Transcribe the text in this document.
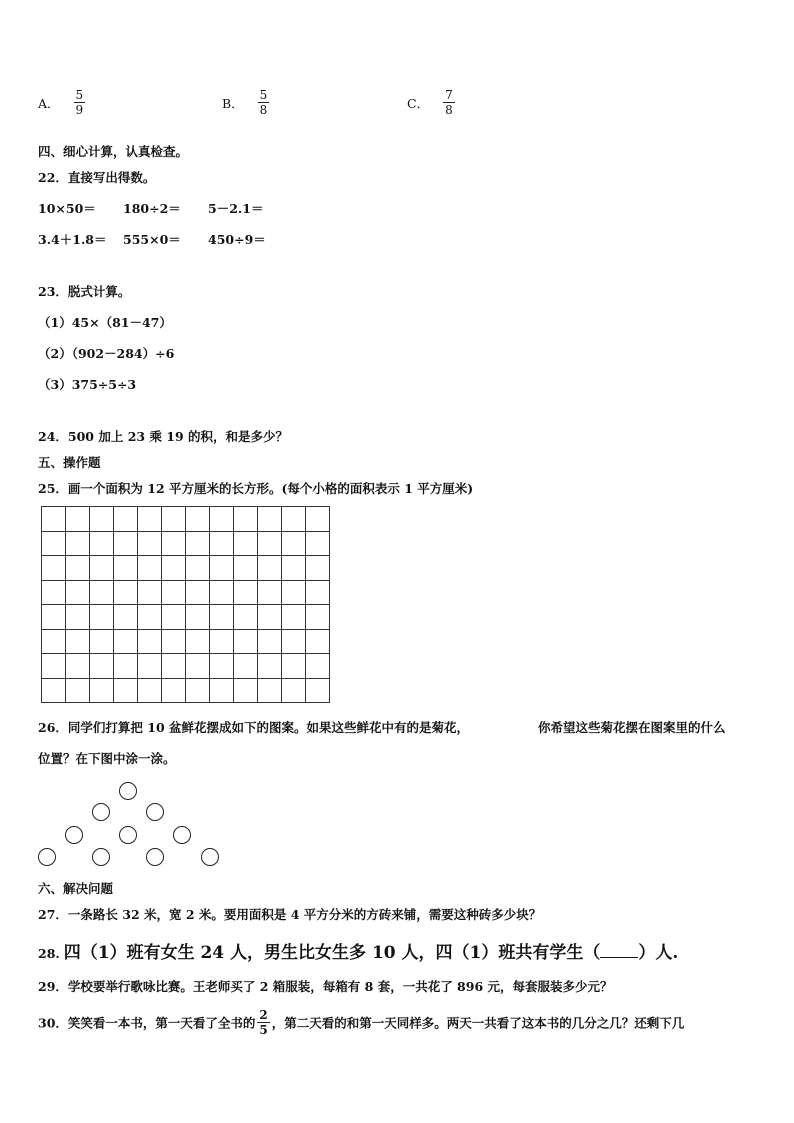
A． $\frac{5}{9}$	B． $\frac{5}{8}$	C． $\frac{7}{8}$
四、细心计算，认真检查。
22．直接写出得数。
10×50＝ 180÷2＝ 5－2.1＝
3.4＋1.8＝ 555×0＝ 450÷9＝
23．脱式计算。
（1）45×（81－47）
（2）（902－284）÷6
（3）375÷5÷3
24．500 加上 23 乘 19 的积，和是多少？
五、操作题
25．画一个面积为 12 平方厘米的长方形。(每个小格的面积表示 1 平方厘米)
26．同学们打算把 10 盆鲜花摆成如下的图案。如果这些鲜花中有的是菊花，	你希望这些菊花摆在图案里的什么
位置？在下图中涂一涂。
六、解决问题
27．一条路长 32 米，宽 2 米。要用面积是 4 平方分米的方砖来铺，需要这种砖多少块？
28. 四（1）班有女生 24 人，男生比女生多 10 人，四（1）班共有学生（ ）人.
29．学校要举行歌咏比赛。王老师买了 2 箱服装，每箱有 8 套，一共花了 896 元，每套服装多少元？
30．笑笑看一本书，第一天看了全书的 $\frac{2}{5}$ ，第二天看的和第一天同样多。两天一共看了这本书的几分之几？还剩下几
